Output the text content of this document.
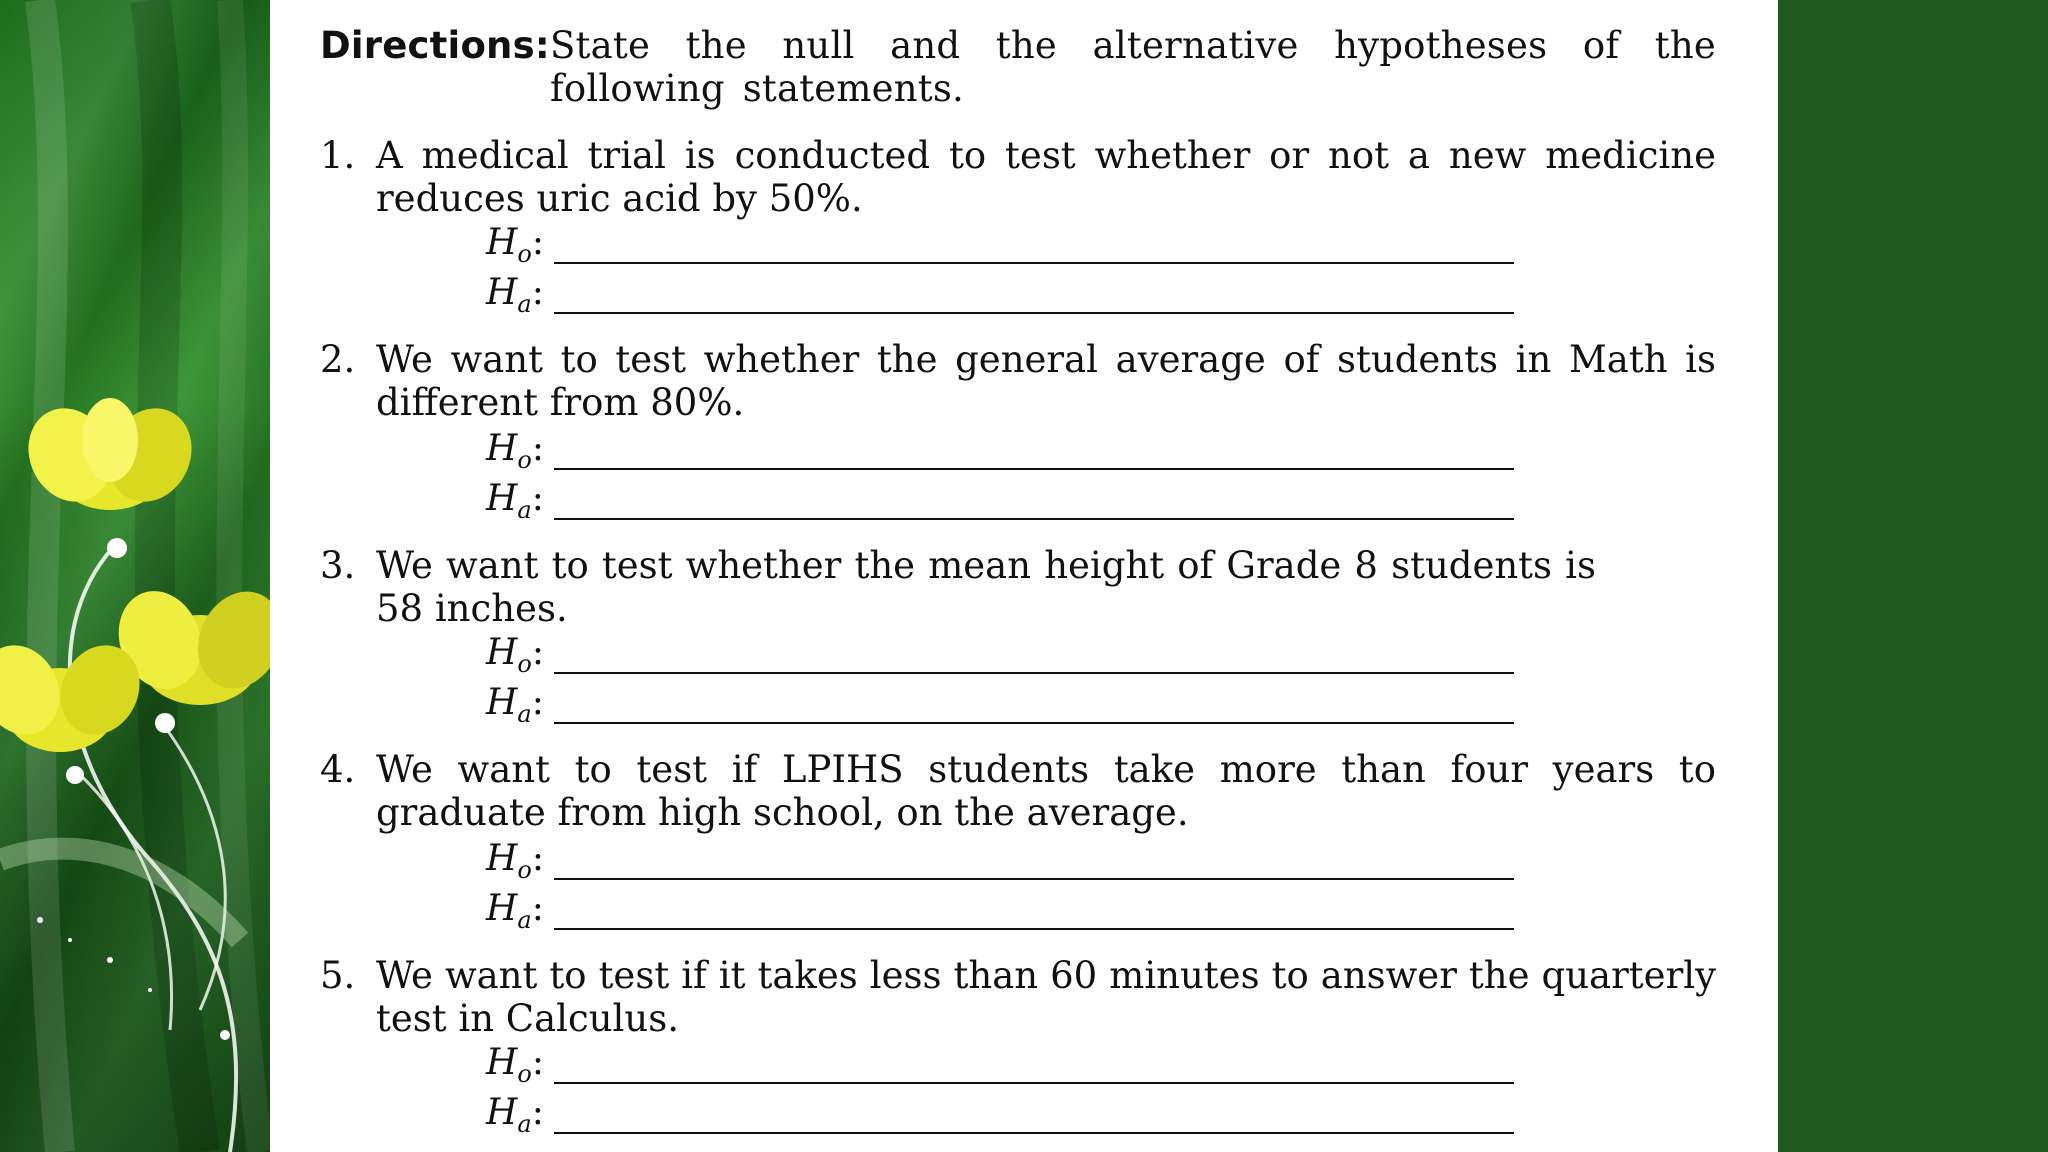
Directions: State the null and the alternative hypotheses of the following statements.
1. A medical trial is conducted to test whether or not a new medicine reduces uric acid by 50%.
$H_o$:
$H_a$:
2. We want to test whether the general average of students in Math is different from 80%.
$H_o$:
$H_a$:
3. We want to test whether the mean height of Grade 8 students is 58 inches.
$H_o$:
$H_a$:
4. We want to test if LPIHS students take more than four years to graduate from high school, on the average.
$H_o$:
$H_a$:
5. We want to test if it takes less than 60 minutes to answer the quarterly test in Calculus.
$H_o$:
$H_a$:
